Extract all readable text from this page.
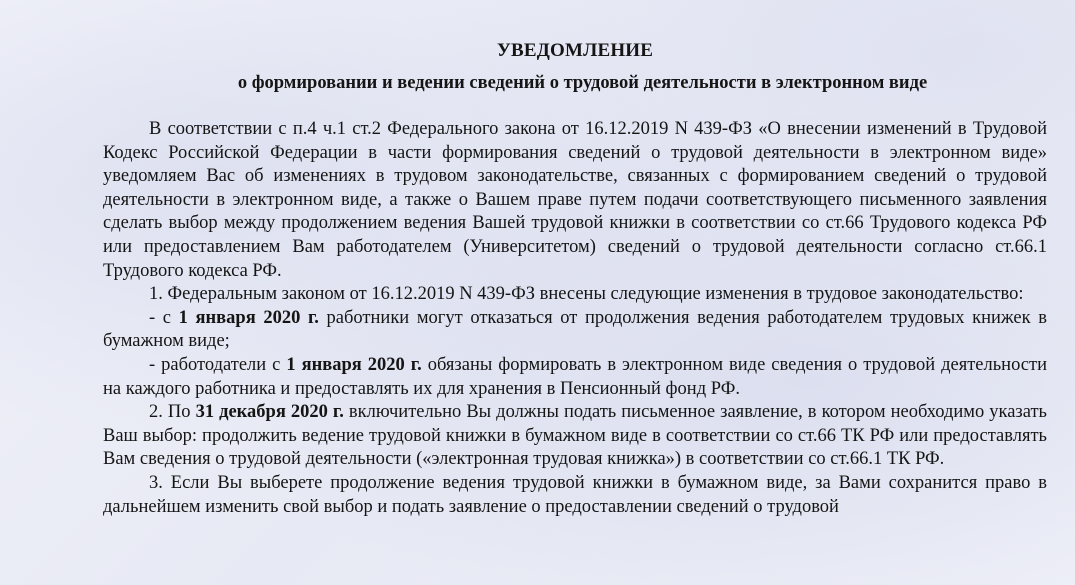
УВЕДОМЛЕНИЕ
о формировании и ведении сведений о трудовой деятельности в электронном виде

В соответствии с п.4 ч.1 ст.2 Федерального закона от 16.12.2019 N 439-ФЗ «О внесении изменений в Трудовой Кодекс Российской Федерации в части формирования сведений о трудовой деятельности в электронном виде» уведомляем Вас об изменениях в трудовом законодательстве, связанных с формированием сведений о трудовой деятельности в электронном виде, а также о Вашем праве путем подачи соответствующего письменного заявления сделать выбор между продолжением ведения Вашей трудовой книжки в соответствии со ст.66 Трудового кодекса РФ или предоставлением Вам работодателем (Университетом) сведений о трудовой деятельности согласно ст.66.1 Трудового кодекса РФ.

1. Федеральным законом от 16.12.2019 N 439-ФЗ внесены следующие изменения в трудовое законодательство:

- с 1 января 2020 г. работники могут отказаться от продолжения ведения работодателем трудовых книжек в бумажном виде;

- работодатели с 1 января 2020 г. обязаны формировать в электронном виде сведения о трудовой деятельности на каждого работника и предоставлять их для хранения в Пенсионный фонд РФ.

2. По 31 декабря 2020 г. включительно Вы должны подать письменное заявление, в котором необходимо указать Ваш выбор: продолжить ведение трудовой книжки в бумажном виде в соответствии со ст.66 ТК РФ или предоставлять Вам сведения о трудовой деятельности («электронная трудовая книжка») в соответствии со ст.66.1 ТК РФ.

3. Если Вы выберете продолжение ведения трудовой книжки в бумажном виде, за Вами сохранится право в дальнейшем изменить свой выбор и подать заявление о предоставлении сведений о трудовой
